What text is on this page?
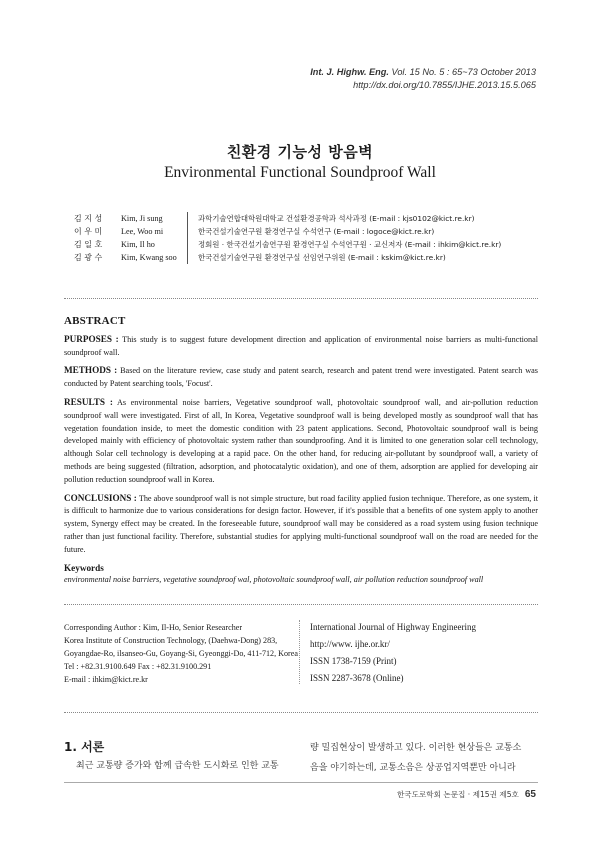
Int. J. Highw. Eng. Vol. 15 No. 5 : 65~73 October 2013
http://dx.doi.org/10.7855/IJHE.2013.15.5.065
친환경 기능성 방음벽
Environmental Functional Soundproof Wall
김 지 성	Kim, Ji sung	과학기술연합대학원대학교 건설환경공학과 석사과정 (E-mail : kjs0102@kict.re.kr)
이 우 미	Lee, Woo mi	한국건설기술연구원 환경연구실 수석연구 (E-mail : logoce@kict.re.kr)
김 일 호	Kim, Il ho	정회원 · 한국건설기술연구원 환경연구실 수석연구원 · 교신저자 (E-mail : ihkim@kict.re.kr)
김 광 수	Kim, Kwang soo	한국건설기술연구원 환경연구실 선임연구위원 (E-mail : kskim@kict.re.kr)
ABSTRACT

PURPOSES : This study is to suggest future development direction and application of environmental noise barriers as multi-functional soundproof wall.

METHODS : Based on the literature review, case study and patent search, research and patent trend were investigated. Patent search was conducted by Patent searching tools, 'Focust'.

RESULTS : As environmental noise barriers, Vegetative soundproof wall, photovoltaic soundproof wall, and air-pollution reduction soundproof wall were investigated. First of all, In Korea, Vegetative soundproof wall is being developed mostly as soundproof wall that has vegetation foundation inside, to meet the domestic condition with 23 patent applications. Second, Photovoltaic soundproof wall is being developed mainly with efficiency of photovoltaic system rather than soundproofing. And it is limited to one generation solar cell technology, although Solar cell technology is developing at a rapid pace. On the other hand, for reducing air-pollutant by soundproof wall, a variety of methods are being suggested (filtration, adsorption, and photocatalytic oxidation), and one of them, adsorption are applied for developing air pollution reduction soundproof wall in Korea.

CONCLUSIONS : The above soundproof wall is not simple structure, but road facility applied fusion technique. Therefore, as one system, it is difficult to harmonize due to various considerations for design factor. However, if it's possible that a benefits of one system apply to another system, Synergy effect may be created. In the foreseeable future, soundproof wall may be considered as a road system using fusion technique rather than just functional facility. Therefore, substantial studies for applying multi-functional soundproof wall on the road are needed for the future.

Keywords
environmental noise barriers, vegetative soundproof wal, photovoltaic soundproof wall, air pollution reduction soundproof wall
Corresponding Author : Kim, Il-Ho, Senior Researcher
Korea Institute of Construction Technology, (Daehwa-Dong) 283,
Goyangdae-Ro, ilsanseo-Gu, Goyang-Si, Gyeonggi-Do, 411-712, Korea
Tel : +82.31.9100.649 Fax : +82.31.9100.291
E-mail : ihkim@kict.re.kr
International Journal of Highway Engineering
http://www. ijhe.or.kr/
ISSN 1738-7159 (Print)
ISSN 2287-3678 (Online)
1. 서론
최근 교통량 증가와 함께 급속한 도시화로 인한 교통
량 밀집현상이 발생하고 있다. 이러한 현상들은 교통소
음을 야기하는데, 교통소음은 상공업지역뿐만 아니라
한국도로학회 논문집 · 제15권 제5호 65
